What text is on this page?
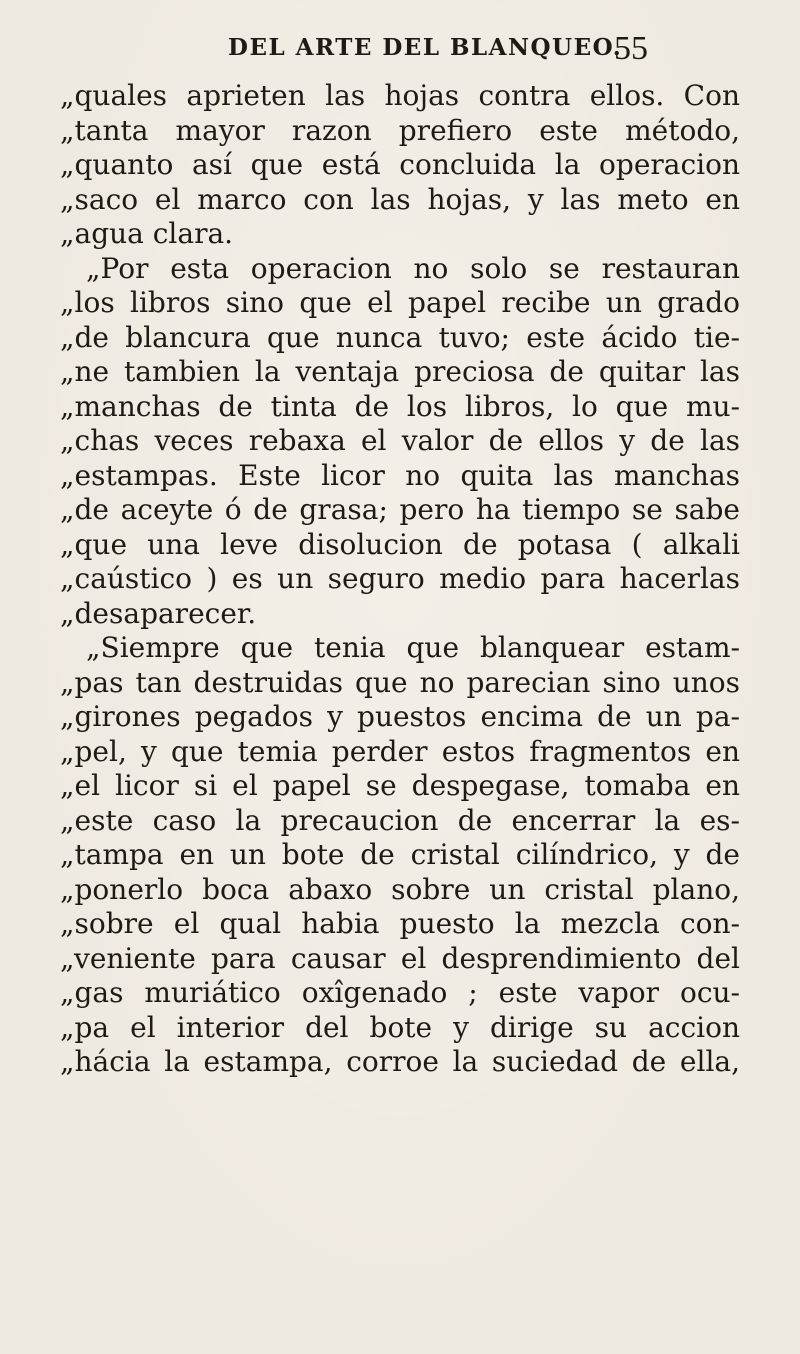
DEL ARTE DEL BLANQUEO.
55
„quales aprieten las hojas contra ellos. Con
„tanta mayor razon prefiero este método,
„quanto así que está concluida la operacion
„saco el marco con las hojas, y las meto en
„agua clara.
„Por esta operacion no solo se restauran
„los libros sino que el papel recibe un grado
„de blancura que nunca tuvo; este ácido tie-
„ne tambien la ventaja preciosa de quitar las
„manchas de tinta de los libros, lo que mu-
„chas veces rebaxa el valor de ellos y de las
„estampas. Este licor no quita las manchas
„de aceyte ó de grasa; pero ha tiempo se sabe
„que una leve disolucion de potasa ( alkali
„caústico ) es un seguro medio para hacerlas
„desaparecer.
„Siempre que tenia que blanquear estam-
„pas tan destruidas que no parecian sino unos
„girones pegados y puestos encima de un pa-
„pel, y que temia perder estos fragmentos en
„el licor si el papel se despegase, tomaba en
„este caso la precaucion de encerrar la es-
„tampa en un bote de cristal cilíndrico, y de
„ponerlo boca abaxo sobre un cristal plano,
„sobre el qual habia puesto la mezcla con-
„veniente para causar el desprendimiento del
„gas muriático oxîgenado ; este vapor ocu-
„pa el interior del bote y dirige su accion
„hácia la estampa, corroe la suciedad de ella,
